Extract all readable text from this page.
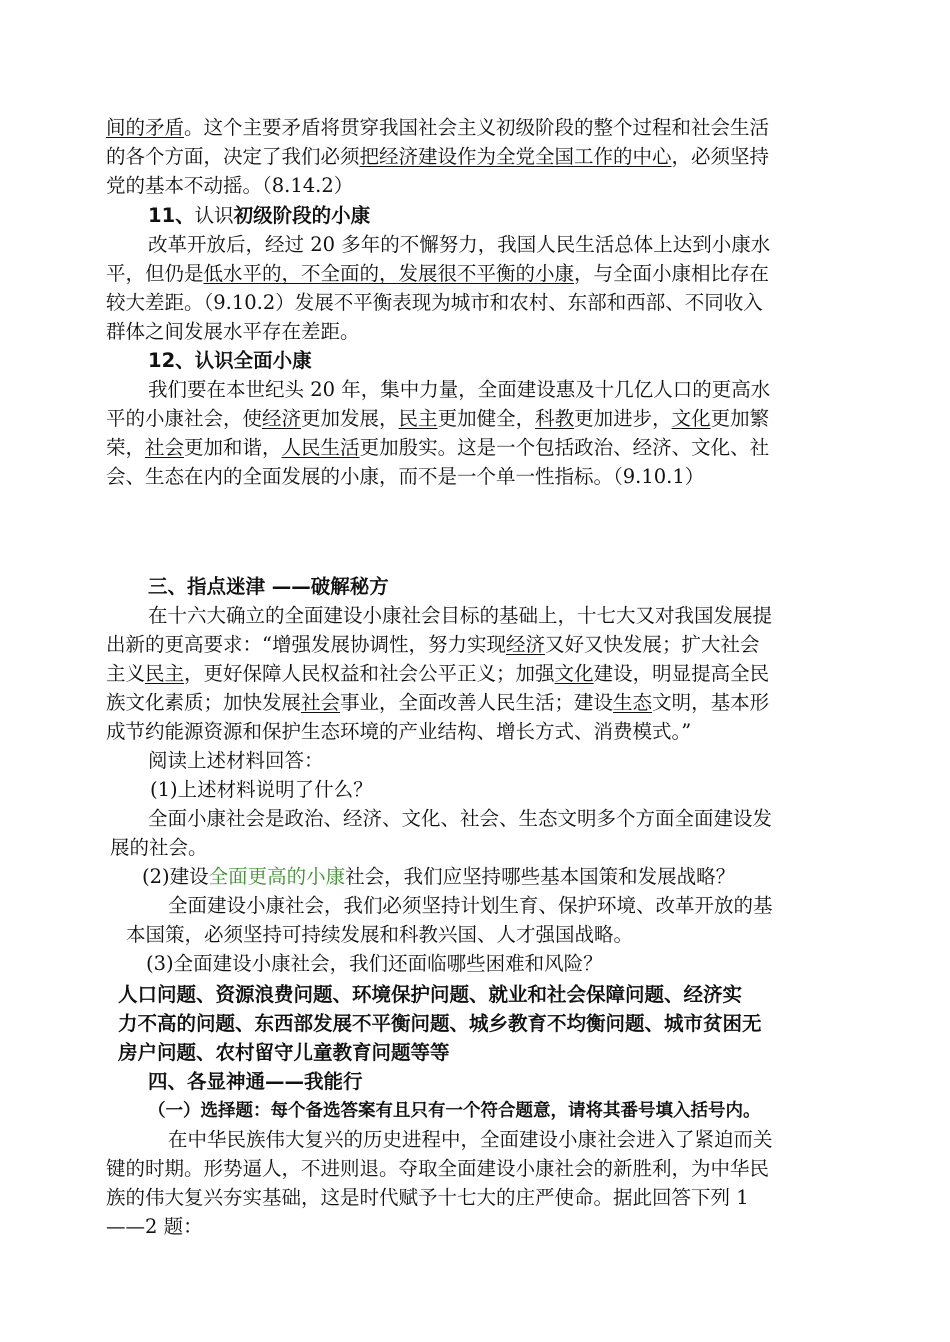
间的矛盾。这个主要矛盾将贯穿我国社会主义初级阶段的整个过程和社会生活
的各个方面，决定了我们必须把经济建设作为全党全国工作的中心，必须坚持
党的基本不动摇。（8.14.2）
11、认识初级阶段的小康
改革开放后，经过 20 多年的不懈努力，我国人民生活总体上达到小康水
平，但仍是低水平的，不全面的，发展很不平衡的小康，与全面小康相比存在
较大差距。（9.10.2）发展不平衡表现为城市和农村、东部和西部、不同收入
群体之间发展水平存在差距。
12、认识全面小康
我们要在本世纪头 20 年，集中力量，全面建设惠及十几亿人口的更高水
平的小康社会，使经济更加发展，民主更加健全，科教更加进步，文化更加繁
荣，社会更加和谐，人民生活更加殷实。这是一个包括政治、经济、文化、社
会、生态在内的全面发展的小康，而不是一个单一性指标。（9.10.1）
三、指点迷津 ——破解秘方
在十六大确立的全面建设小康社会目标的基础上，十七大又对我国发展提
出新的更高要求：“增强发展协调性，努力实现经济又好又快发展；扩大社会
主义民主，更好保障人民权益和社会公平正义；加强文化建设，明显提高全民
族文化素质；加快发展社会事业，全面改善人民生活；建设生态文明，基本形
成节约能源资源和保护生态环境的产业结构、增长方式、消费模式。”
阅读上述材料回答：
(1)上述材料说明了什么？
全面小康社会是政治、经济、文化、社会、生态文明多个方面全面建设发
展的社会。
(2)建设全面更高的小康社会，我们应坚持哪些基本国策和发展战略？
全面建设小康社会，我们必须坚持计划生育、保护环境、改革开放的基
本国策，必须坚持可持续发展和科教兴国、人才强国战略。
(3)全面建设小康社会，我们还面临哪些困难和风险？
人口问题、资源浪费问题、环境保护问题、就业和社会保障问题、经济实
力不高的问题、东西部发展不平衡问题、城乡教育不均衡问题、城市贫困无
房户问题、农村留守儿童教育问题等等
四、各显神通——我能行
（一）选择题：每个备选答案有且只有一个符合题意，请将其番号填入括号内。
在中华民族伟大复兴的历史进程中，全面建设小康社会进入了紧迫而关
键的时期。形势逼人，不进则退。夺取全面建设小康社会的新胜利，为中华民
族的伟大复兴夯实基础，这是时代赋予十七大的庄严使命。据此回答下列 1
——2 题：
